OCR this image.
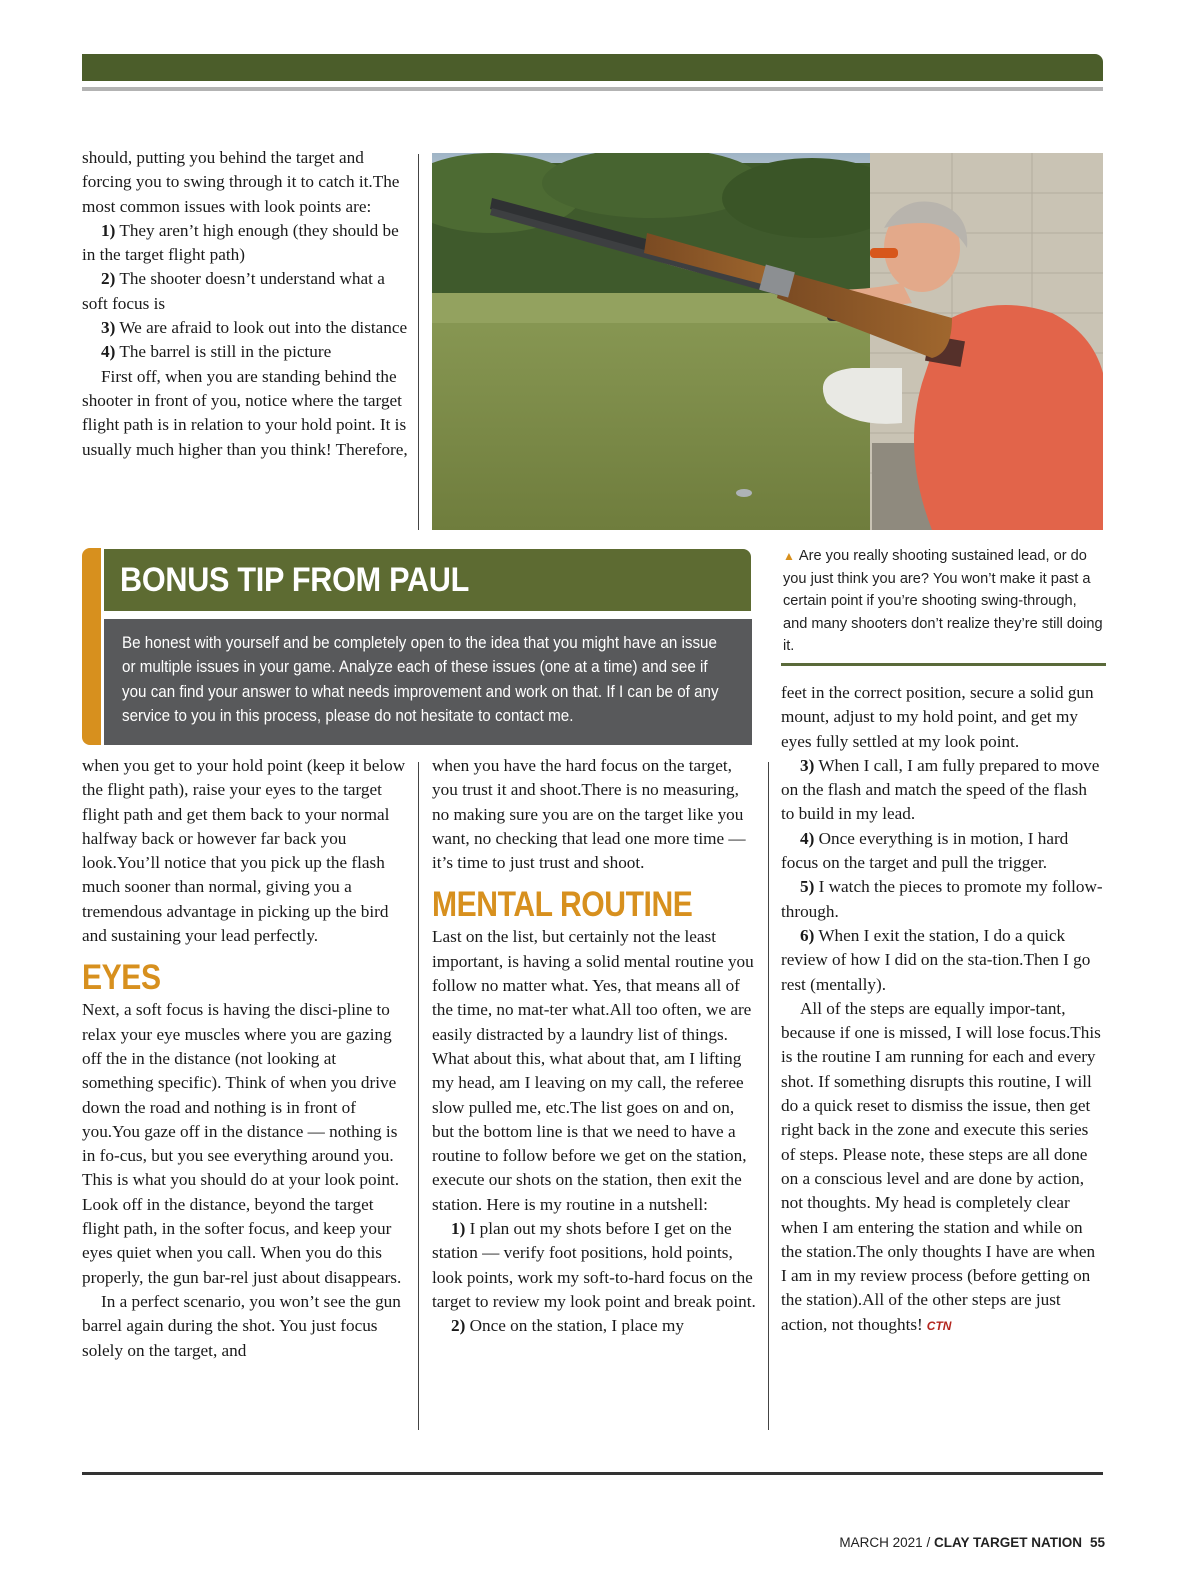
should, putting you behind the target and forcing you to swing through it to catch it.The most common issues with look points are:

1) They aren’t high enough (they should be in the target flight path)

2) The shooter doesn’t understand what a soft focus is

3) We are afraid to look out into the distance

4) The barrel is still in the picture

First off, when you are standing behind the shooter in front of you, notice where the target flight path is in relation to your hold point. It is usually much higher than you think! Therefore,

▲ Are you really shooting sustained lead, or do you just think you are? You won’t make it past a certain point if you’re shooting swing-through, and many shooters don’t realize they’re still doing it.
BONUS TIP FROM PAUL

Be honest with yourself and be completely open to the idea that you might have an issue or multiple issues in your game. Analyze each of these issues (one at a time) and see if you can find your answer to what needs improvement and work on that. If I can be of any service to you in this process, please do not hesitate to contact me.

when you get to your hold point (keep it below the flight path), raise your eyes to the target flight path and get them back to your normal halfway back or however far back you look.You’ll notice that you pick up the flash much sooner than normal, giving you a tremendous advantage in picking up the bird and sustaining your lead perfectly.

EYES

Next, a soft focus is having the disci-pline to relax your eye muscles where you are gazing off the in the distance (not looking at something specific). Think of when you drive down the road and nothing is in front of you.You gaze off in the distance — nothing is in fo-cus, but you see everything around you. This is what you should do at your look point. Look off in the distance, beyond the target flight path, in the softer focus, and keep your eyes quiet when you call. When you do this properly, the gun bar-rel just about disappears.

In a perfect scenario, you won’t see the gun barrel again during the shot. You just focus solely on the target, and

when you have the hard focus on the target, you trust it and shoot.There is no measuring, no making sure you are on the target like you want, no checking that lead one more time — it’s time to just trust and shoot.

MENTAL ROUTINE

Last on the list, but certainly not the least important, is having a solid mental routine you follow no matter what. Yes, that means all of the time, no mat-ter what.All too often, we are easily distracted by a laundry list of things. What about this, what about that, am I lifting my head, am I leaving on my call, the referee slow pulled me, etc.The list goes on and on, but the bottom line is that we need to have a routine to follow before we get on the station, execute our shots on the station, then exit the station. Here is my routine in a nutshell:

1) I plan out my shots before I get on the station — verify foot positions, hold points, look points, work my soft-to-hard focus on the target to review my look point and break point.

2) Once on the station, I place my

feet in the correct position, secure a solid gun mount, adjust to my hold point, and get my eyes fully settled at my look point.

3) When I call, I am fully prepared to move on the flash and match the speed of the flash to build in my lead.

4) Once everything is in motion, I hard focus on the target and pull the trigger.

5) I watch the pieces to promote my follow-through.

6) When I exit the station, I do a quick review of how I did on the sta-tion.Then I go rest (mentally).

All of the steps are equally impor-tant, because if one is missed, I will lose focus.This is the routine I am running for each and every shot. If something disrupts this routine, I will do a quick reset to dismiss the issue, then get right back in the zone and execute this series of steps. Please note, these steps are all done on a conscious level and are done by action, not thoughts. My head is completely clear when I am entering the station and while on the station.The only thoughts I have are when I am in my review process (before getting on the station).All of the other steps are just action, not thoughts! CTN

MARCH 2021 / CLAY TARGET NATION 55
